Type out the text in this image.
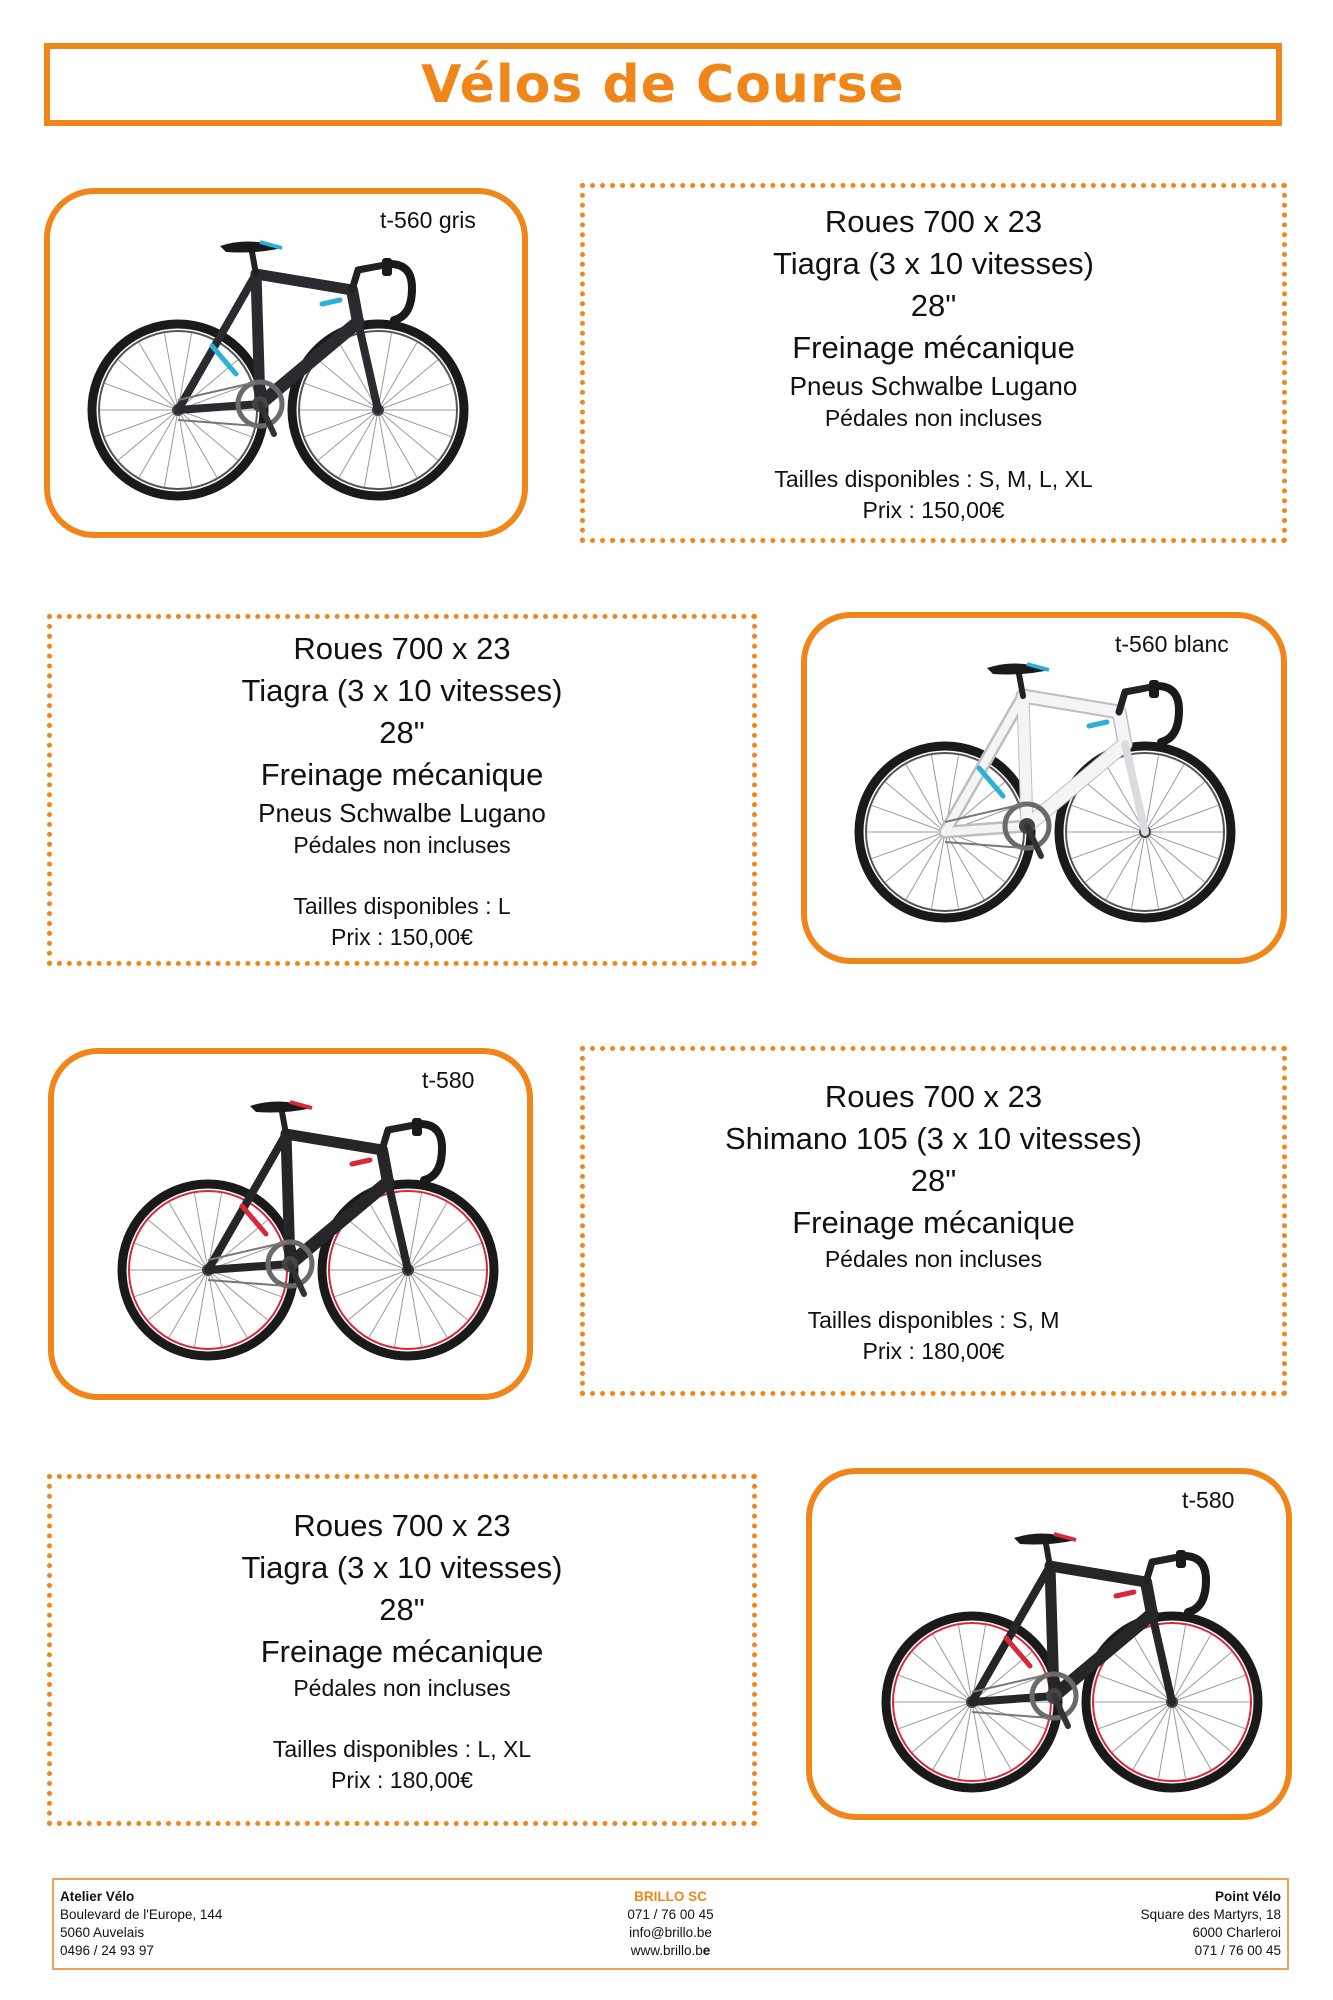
Vélos de Course
t-560 gris	Roues 700 x 23
Tiagra (3 x 10 vitesses)
28"
Freinage mécanique
Pneus Schwalbe Lugano
Pédales non incluses
Tailles disponibles : S, M, L, XL
Prix : 150,00€
Roues 700 x 23
Tiagra (3 x 10 vitesses)
28"
Freinage mécanique
Pneus Schwalbe Lugano
Pédales non incluses
Tailles disponibles : L
Prix : 150,00€
t-560 blanc
t-580	Roues 700 x 23
Shimano 105 (3 x 10 vitesses)
28"
Freinage mécanique
Pédales non incluses
Tailles disponibles : S, M
Prix : 180,00€
Roues 700 x 23
Tiagra (3 x 10 vitesses)
28"
Freinage mécanique
Pédales non incluses
Tailles disponibles : L, XL
Prix : 180,00€
t-580
Atelier Vélo
Boulevard de l'Europe, 144
5060 Auvelais
0496 / 24 93 97
BRILLO SC
071 / 76 00 45
info@brillo.be
www.brillo.be
Point Vélo
Square des Martyrs, 18
6000 Charleroi
071 / 76 00 45
